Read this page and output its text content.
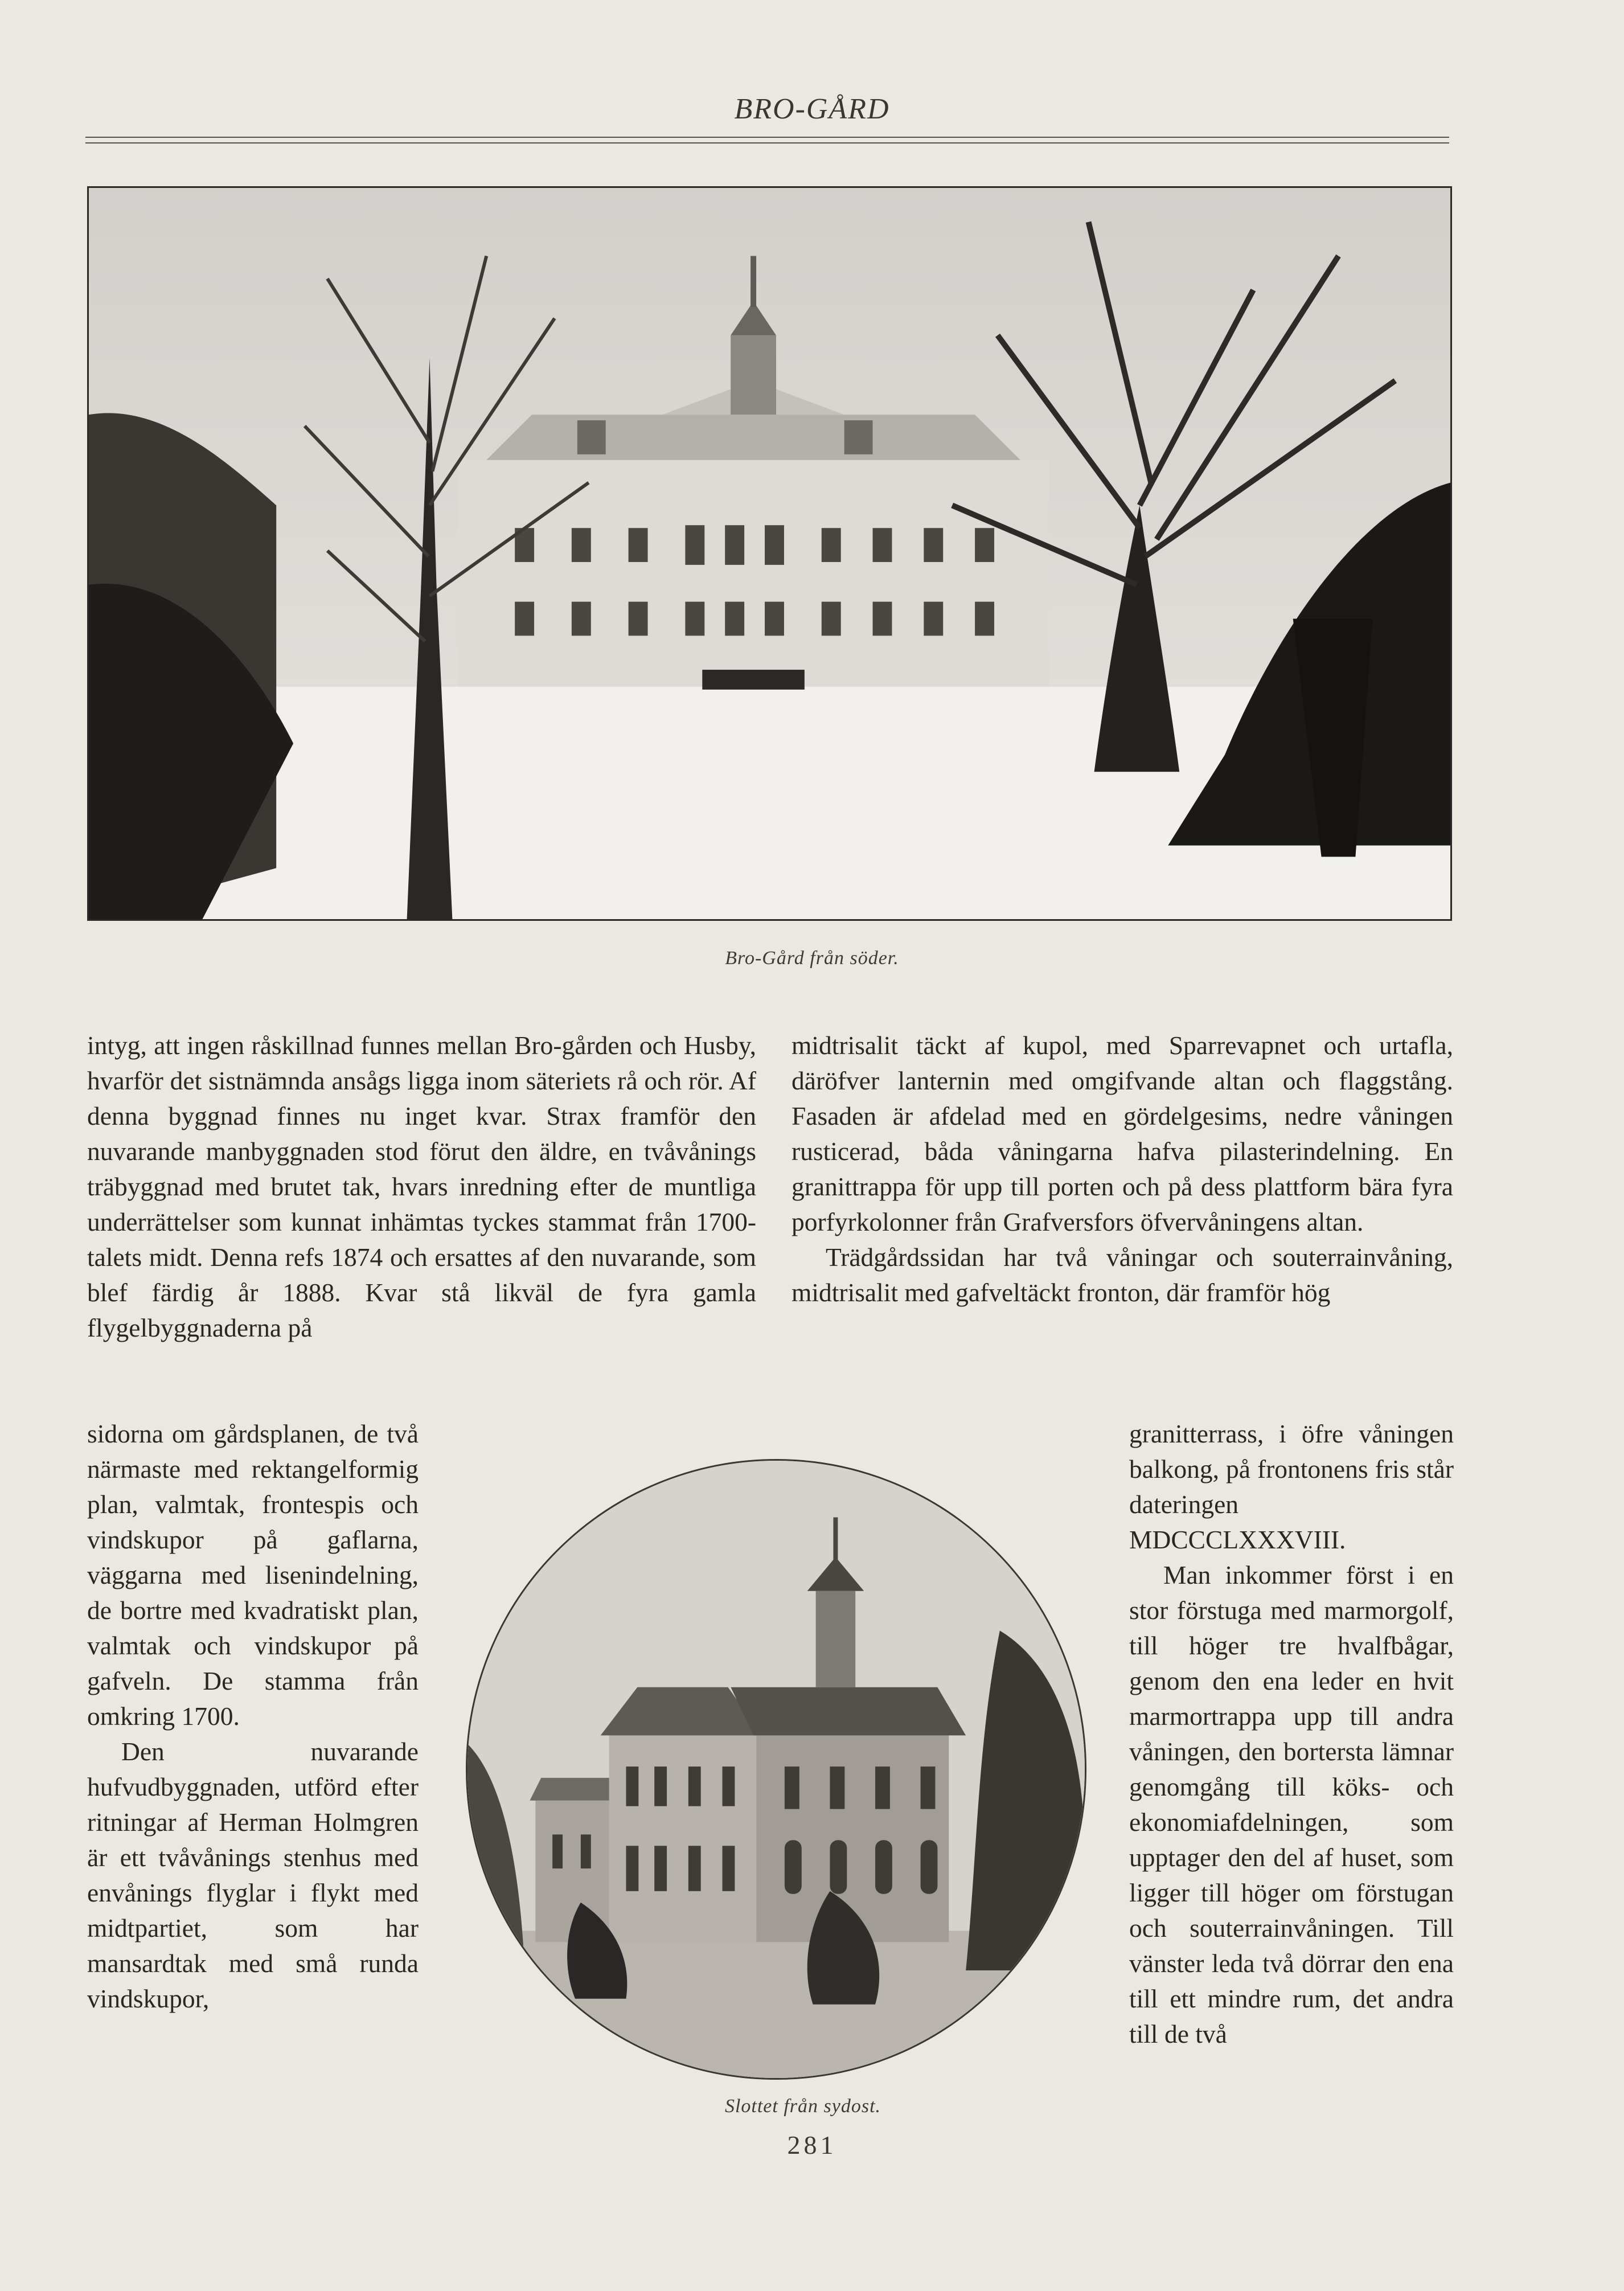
BRO-GÅRD
Bro-Gård från söder.

intyg, att ingen råskillnad funnes mellan Bro-gården och Husby, hvarför det sistnämnda ansågs ligga inom säteriets rå och rör. Af denna byggnad finnes nu inget kvar. Strax framför den nuvarande manbyggnaden stod förut den äldre, en tvåvånings träbyggnad med brutet tak, hvars inredning efter de muntliga underrättelser som kunnat inhämtas tyckes stammat från 1700-talets midt. Denna refs 1874 och ersattes af den nuvarande, som blef färdig år 1888. Kvar stå likväl de fyra gamla flygelbyggnaderna på

sidorna om gårdsplanen, de två närmaste med rektangelformig plan, valmtak, frontespis och vindskupor på gaflarna, väggarna med lisenindelning, de bortre med kvadratiskt plan, valmtak och vindskupor på gafveln. De stamma från omkring 1700.

Den nuvarande hufvudbyggnaden, utförd efter ritningar af Herman Holmgren är ett tvåvånings stenhus med envånings flyglar i flykt med midtpartiet, som har mansardtak med små runda vindskupor,

midtrisalit täckt af kupol, med Sparrevapnet och urtafla, däröfver lanternin med omgifvande altan och flaggstång. Fasaden är afdelad med en gördelgesims, nedre våningen rusticerad, båda våningarna hafva pilasterindelning. En granittrappa för upp till porten och på dess plattform bära fyra porfyrkolonner från Grafversfors öfvervåningens altan.

Trädgårdssidan har två våningar och souterrainvåning, midtrisalit med gafveltäckt fronton, där framför hög

granitterrass, i öfre våningen balkong, på frontonens fris står dateringen MDCCCLXXXVIII.

Man inkommer först i en stor förstuga med marmorgolf, till höger tre hvalfbågar, genom den ena leder en hvit marmortrappa upp till andra våningen, den bortersta lämnar genomgång till köks- och ekonomiafdelningen, som upptager den del af huset, som ligger till höger om förstugan och souterrainvåningen. Till vänster leda två dörrar den ena till ett mindre rum, det andra till de två

Slottet från sydost.
281
